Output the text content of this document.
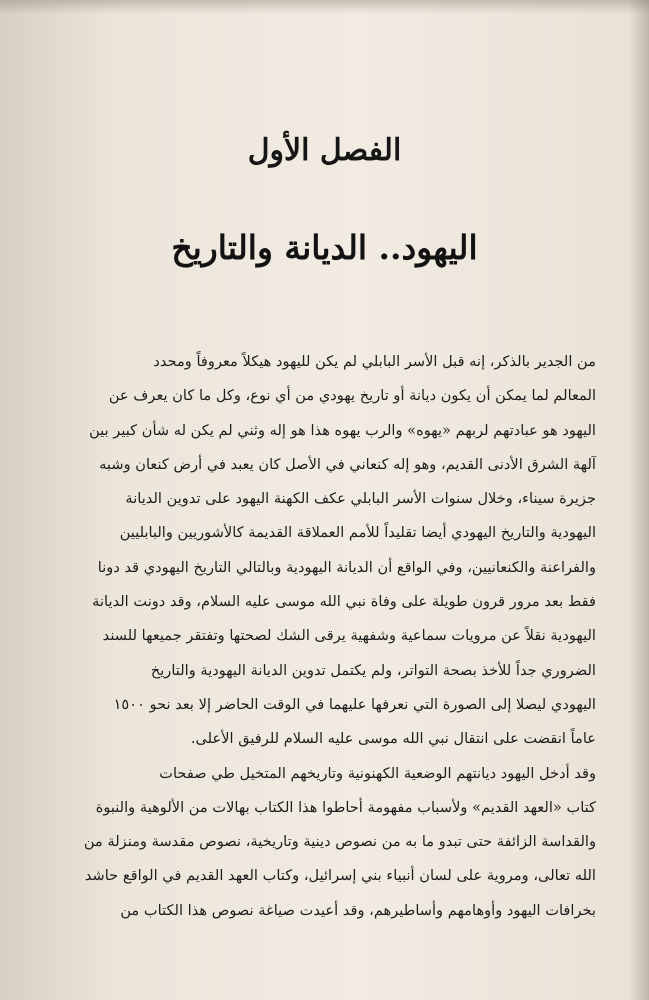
الفصل الأول
اليهود.. الديانة والتاريخ

من الجدير بالذكر، إنه قبل الأسر البابلي لم يكن لليهود هيكلاً معروفاً ومحدد
المعالم لما يمكن أن يكون ديانة أو تاريخ يهودي من أي نوع، وكل ما كان يعرف عن
اليهود هو عبادتهم لربهم «يهوه» والرب يهوه هذا هو إله وثني لم يكن له شأن كبير بين
آلهة الشرق الأدنى القديم، وهو إله كنعاني في الأصل كان يعبد في أرض كنعان وشبه
جزيرة سيناء، وخلال سنوات الأسر البابلي عكف الكهنة اليهود على تدوين الديانة
اليهودية والتاريخ اليهودي أيضا تقليداً للأمم العملاقة القديمة كالأشوريين والبابليين
والفراعنة والكنعانيين، وفي الواقع أن الديانة اليهودية وبالتالي التاريخ اليهودي قد دونا
فقط بعد مرور قرون طويلة على وفاة نبي الله موسى عليه السلام، وقد دونت الديانة
اليهودية نقلاً عن مرويات سماعية وشفهية يرقى الشك لصحتها وتفتقر جميعها للسند
الضروري جداً للأخذ بصحة التواتر، ولم يكتمل تدوين الديانة اليهودية والتاريخ
اليهودي ليصلا إلى الصورة التي نعرفها عليهما في الوقت الحاضر إلا بعد نحو ١٥٠٠
عاماً انقضت على انتقال نبي الله موسى عليه السلام للرفيق الأعلى.

وقد أدخل اليهود ديانتهم الوضعية الكهنونية وتاريخهم المتخيل طي صفحات
كتاب «العهد القديم» ولأسباب مفهومة أحاطوا هذا الكتاب بهالات من الألوهية والنبوة
والقداسة الزائفة حتى تبدو ما به من نصوص دينية وتاريخية، نصوص مقدسة ومنزلة من
الله تعالى، ومروية على لسان أنبياء بني إسرائيل، وكتاب العهد القديم في الواقع حاشد
بخرافات اليهود وأوهامهم وأساطيرهم، وقد أعيدت صياغة نصوص هذا الكتاب من
